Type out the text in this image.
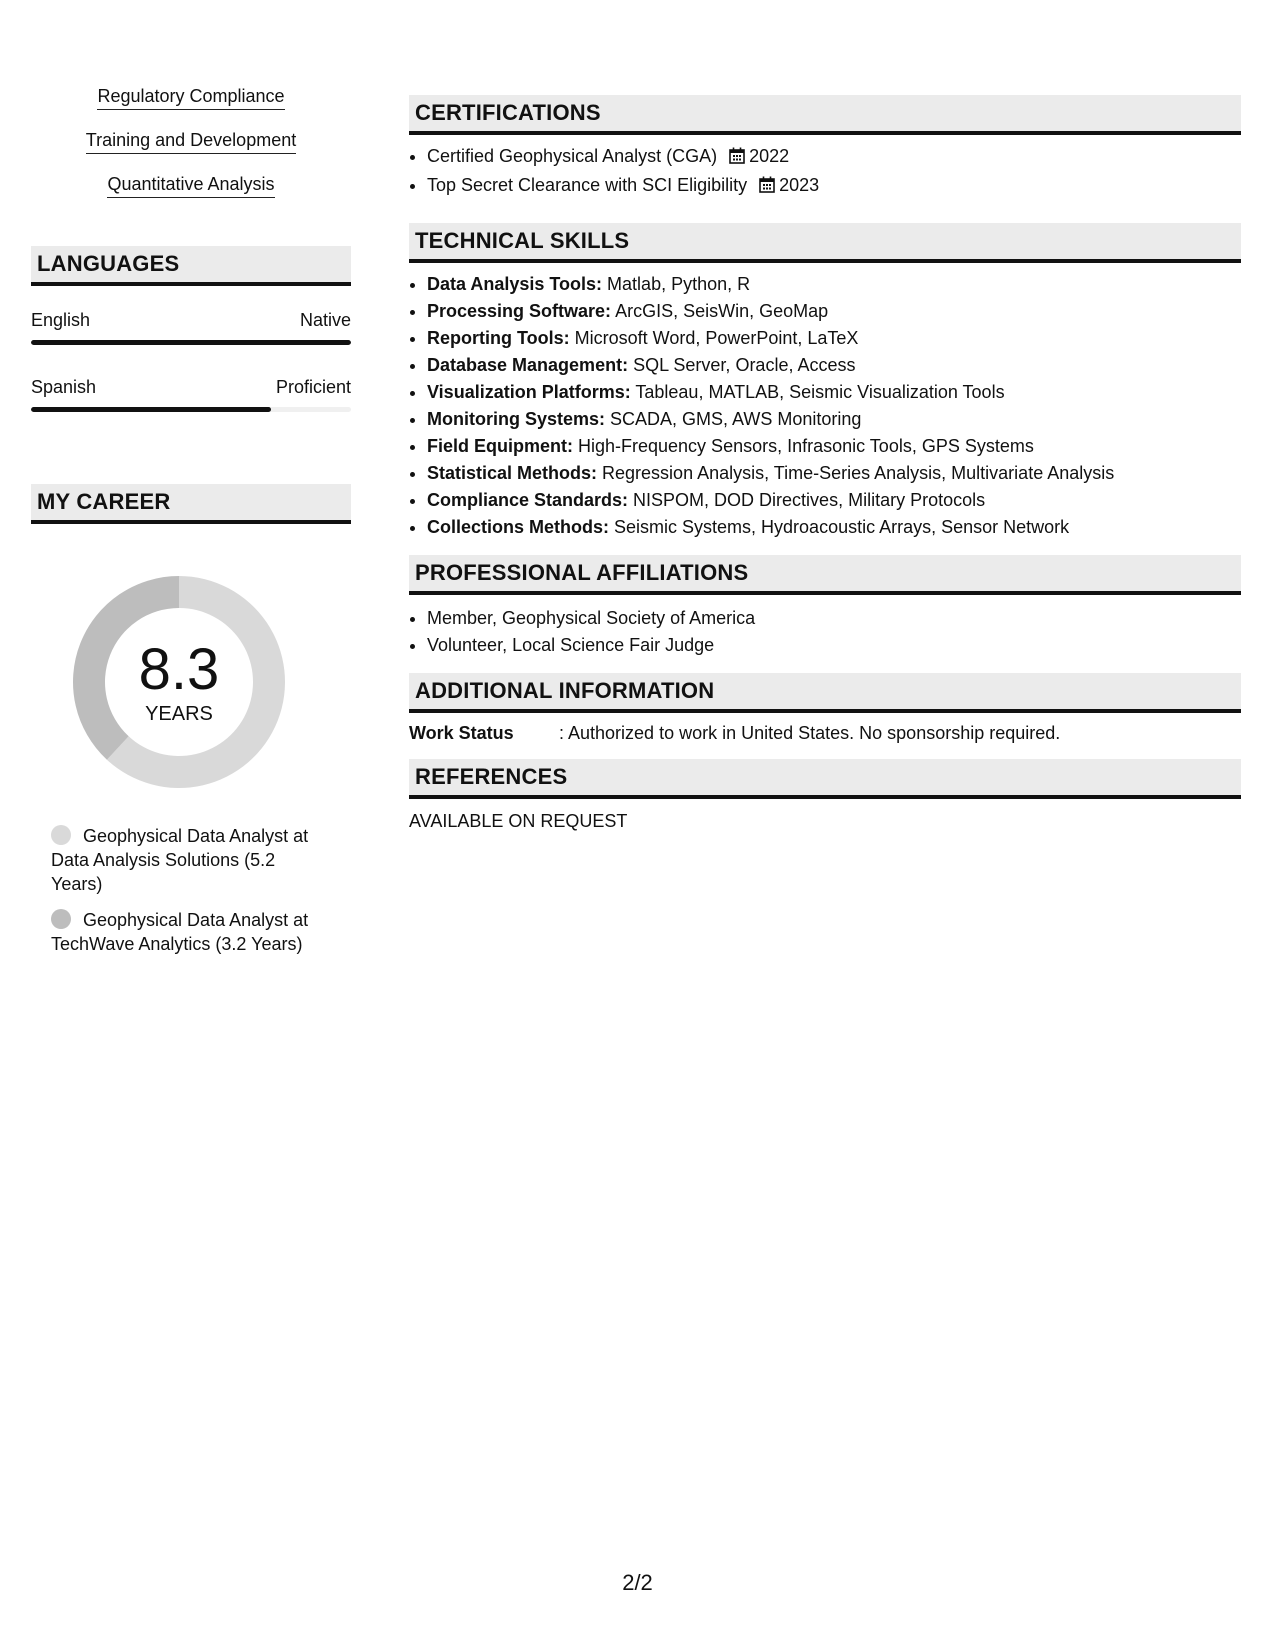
Regulatory Compliance
Training and Development
Quantitative Analysis
LANGUAGES
English	Native
Spanish	Proficient
MY CAREER
8.3
YEARS
Geophysical Data Analyst at Data Analysis Solutions (5.2 Years)
Geophysical Data Analyst at TechWave Analytics (3.2 Years)
CERTIFICATIONS
• Certified Geophysical Analyst (CGA) 2022
• Top Secret Clearance with SCI Eligibility 2023
TECHNICAL SKILLS
• Data Analysis Tools: Matlab, Python, R
• Processing Software: ArcGIS, SeisWin, GeoMap
• Reporting Tools: Microsoft Word, PowerPoint, LaTeX
• Database Management: SQL Server, Oracle, Access
• Visualization Platforms: Tableau, MATLAB, Seismic Visualization Tools
• Monitoring Systems: SCADA, GMS, AWS Monitoring
• Field Equipment: High-Frequency Sensors, Infrasonic Tools, GPS Systems
• Statistical Methods: Regression Analysis, Time-Series Analysis, Multivariate Analysis
• Compliance Standards: NISPOM, DOD Directives, Military Protocols
• Collections Methods: Seismic Systems, Hydroacoustic Arrays, Sensor Network
PROFESSIONAL AFFILIATIONS
• Member, Geophysical Society of America
• Volunteer, Local Science Fair Judge
ADDITIONAL INFORMATION
Work Status	: Authorized to work in United States. No sponsorship required.
REFERENCES
AVAILABLE ON REQUEST
2/2
